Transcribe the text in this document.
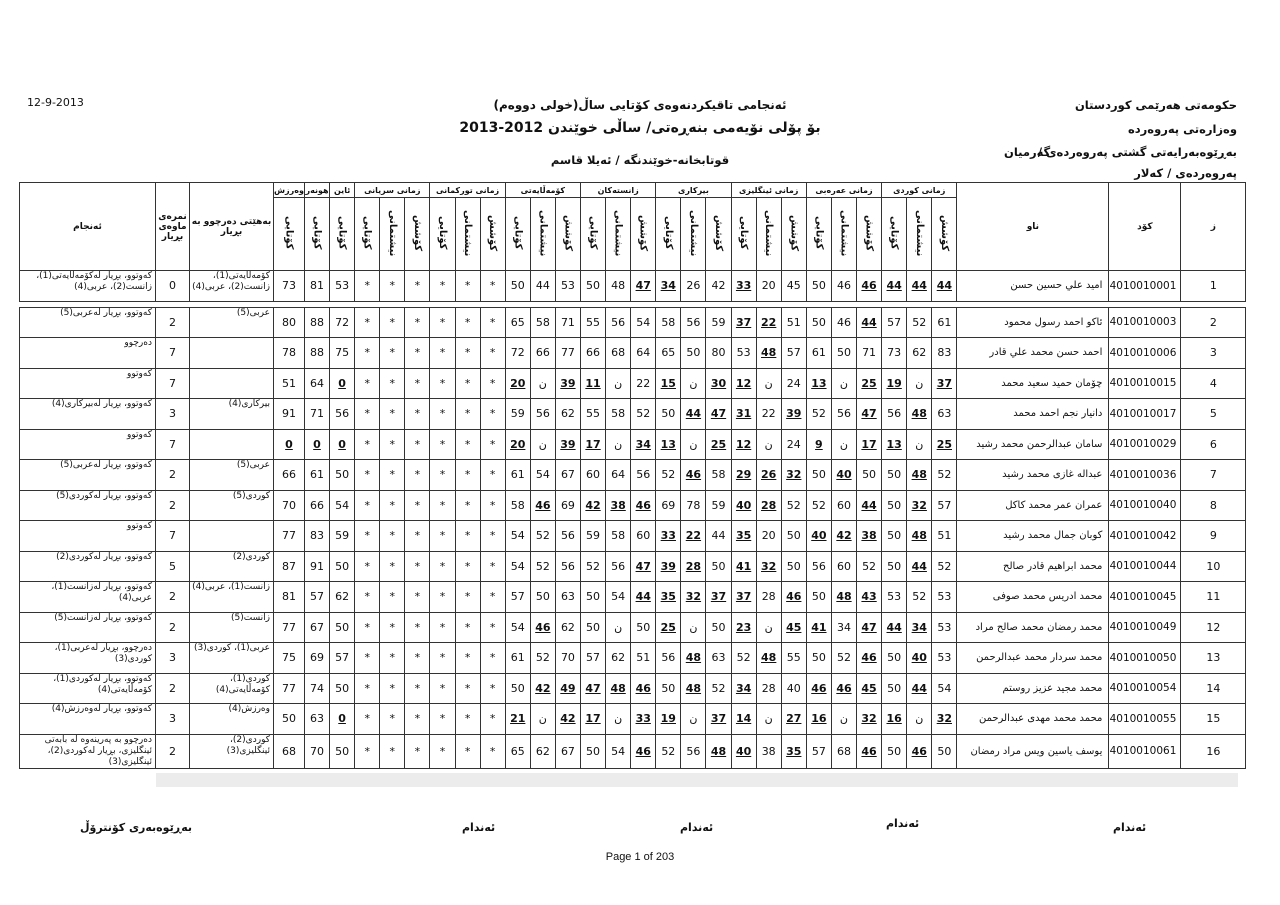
12-9-2013	ئەنجامی تاقیکردنەوەی کۆتایی ساڵ(خولی دووەم)
بۆ پۆلی نۆیەمی بنەڕەتی/ ساڵی خوێندن 2012-2013
قوتابخانە-خوێندنگە / ئەیلا قاسم
حکومەتی هەرێمی کوردستان
وەزارەتی پەروەردە
بەڕێوەبەرایەتی گشتی پەروەردەی /
گەرمیان
پەروەردەی / کەلار
ئەنجام	نمرەی ماوەی بڕیار	بەهێتی دەرچوو بە بڕیار	وەرزش	هونەر	ئاین	زمانی سریانی			زمانی تورکمانی			کۆمەڵایەتی			زانستەکان			بیرکاری			زمانی ئینگلیزی			زمانی عەرەبی			زمانی کوردی			ناو	کۆد	ز
			کۆتایی	کۆتایی	کۆتایی	کۆتایی	نیشتمانی	کۆشش	کۆتایی	نیشتمانی	کۆشش	کۆتایی	نیشتمانی	کۆشش	کۆتایی	نیشتمانی	کۆشش	کۆتایی	نیشتمانی	کۆشش	کۆتایی	نیشتمانی	کۆشش	کۆتایی	نیشتمانی	کۆشش	کۆتایی	نیشتمانی	کۆشش			
کەوتوو، بڕیار لەکۆمەڵایەتی(1)، زانست(2)، عربی(4)	0	کۆمەڵایەتی(1)، زانست(2)، عربی(4)	73	81	53	*	*	*	*	*	*	50	44	53	50	48	47	34	26	42	33	20	45	50	46	46	44	44	44	امید علي حسين حسن	4010010001	1

کەوتوو، بڕیار لەعربی(5)	2	عربی(5)	80	88	72	*	*	*	*	*	*	65	58	71	55	56	54	58	56	59	37	22	51	50	46	44	57	52	61	ئاکو احمد رسول محمود	4010010003	2
دەرچوو	7		78	88	75	*	*	*	*	*	*	72	66	77	66	68	64	65	50	80	53	48	57	61	50	71	73	62	83	احمد حسن محمد علي قادر	4010010006	3
کەوتوو	7		51	64	0	*	*	*	*	*	*	20	ن	39	11	ن	22	15	ن	30	12	ن	24	13	ن	25	19	ن	37	چۆمان حمید سعید محمد	4010010015	4
کەوتوو، بڕیار لەبیرکاری(4)	3	بیرکاری(4)	91	71	56	*	*	*	*	*	*	59	56	62	55	58	52	50	44	47	31	22	39	52	56	47	56	48	63	دانیار نجم احمد محمد	4010010017	5
کەوتوو	7		0	0	0	*	*	*	*	*	*	20	ن	39	17	ن	34	13	ن	25	12	ن	24	9	ن	17	13	ن	25	سامان عبدالرحمن محمد رشید	4010010029	6
کەوتوو، بڕیار لەعربی(5)	2	عربی(5)	66	61	50	*	*	*	*	*	*	61	54	67	60	64	56	52	46	58	29	26	32	50	40	50	50	48	52	عبداله غازی محمد رشید	4010010036	7
کەوتوو، بڕیار لەکوردی(5)	2	کوردی(5)	70	66	54	*	*	*	*	*	*	58	46	69	42	38	46	69	78	59	40	28	52	52	60	44	50	32	57	عمران عمر محمد کاکل	4010010040	8
کەوتوو	7		77	83	59	*	*	*	*	*	*	54	52	56	59	58	60	33	22	44	35	20	50	40	42	38	50	48	51	کوبان جمال محمد رشید	4010010042	9
کەوتوو، بڕیار لەکوردی(2)	5	کوردی(2)	87	91	50	*	*	*	*	*	*	54	52	56	52	56	47	39	28	50	41	32	50	56	60	52	50	44	52	محمد ابراهیم قادر صالح	4010010044	10
کەوتوو، بڕیار لەزانست(1)، عربی(4)	2	زانست(1)، عربی(4)	81	57	62	*	*	*	*	*	*	57	50	63	50	54	44	35	32	37	37	28	46	50	48	43	53	52	53	محمد ادریس محمد صوفی	4010010045	11
کەوتوو، بڕیار لەزانست(5)	2	زانست(5)	77	67	50	*	*	*	*	*	*	54	46	62	50	ن	50	25	ن	50	23	ن	45	41	34	47	44	34	53	محمد رمضان محمد صالح مراد	4010010049	12
دەرچوو، بڕیار لەعربی(1)، کوردی(3)	3	عربی(1)، کوردی(3)	75	69	57	*	*	*	*	*	*	61	52	70	57	62	51	56	48	63	52	48	55	50	52	46	50	40	53	محمد سردار محمد عبدالرحمن	4010010050	13
کەوتوو، بڕیار لەکوردی(1)، کۆمەڵایەتی(4)	2	کوردی(1)، کۆمەڵایەتی(4)	77	74	50	*	*	*	*	*	*	50	42	49	47	48	46	50	48	52	34	28	40	46	46	45	50	44	54	محمد مجید عزیز روستم	4010010054	14
کەوتوو، بڕیار لەوەرزش(4)	3	وەرزش(4)	50	63	0	*	*	*	*	*	*	21	ن	42	17	ن	33	19	ن	37	14	ن	27	16	ن	32	16	ن	32	محمد محمد مهدی عبدالرحمن	4010010055	15
دەرچوو بە پەرینەوە لە بابەتی ئینگلیزی، بڕیار لەکوردی(2)، ئینگلیزی(3)	2	کوردی(2)، ئینگلیزی(3)	68	70	50	*	*	*	*	*	*	65	62	67	50	54	46	52	56	48	40	38	35	57	68	46	50	46	50	یوسف یاسین ویس مراد رمضان	4010010061	16
بەڕێوەبەری کۆنترۆڵ	ئەندام	ئەندام	ئەندام	ئەندام
Page 1 of 203
